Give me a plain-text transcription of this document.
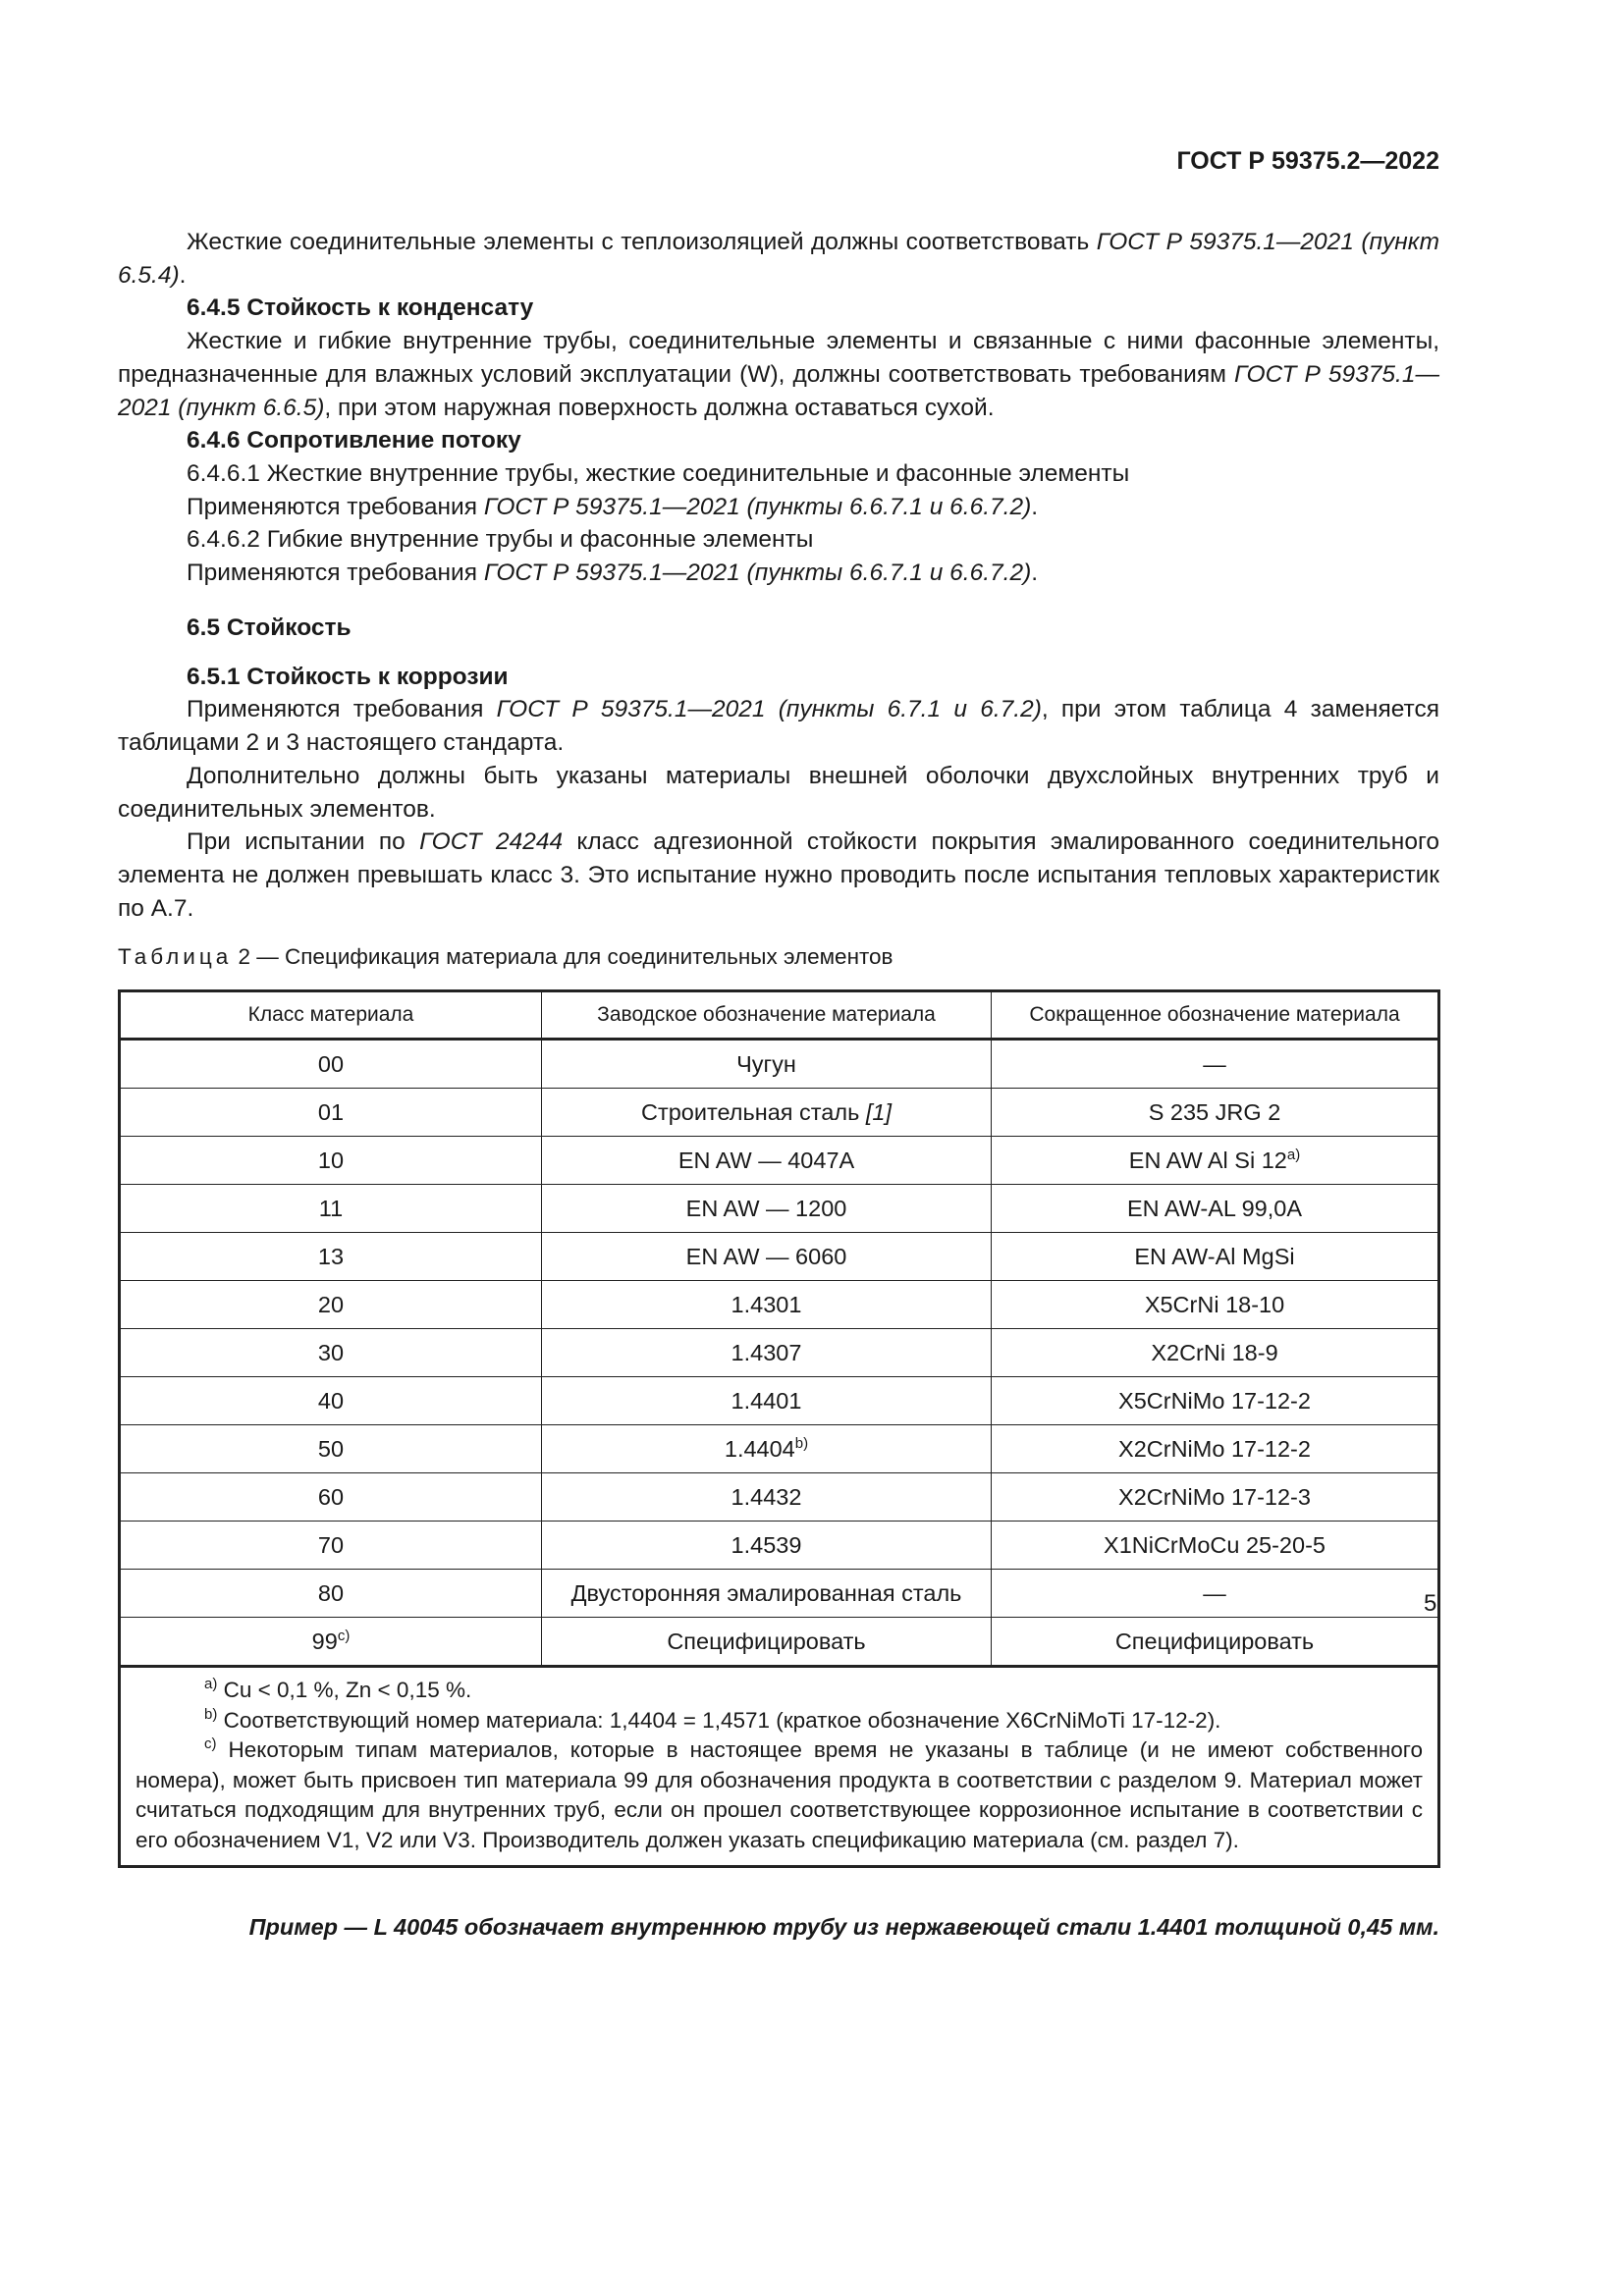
ГОСТ Р 59375.2—2022

Жесткие соединительные элементы с теплоизоляцией должны соответствовать ГОСТ Р 59375.1—2021 (пункт 6.5.4).

6.4.5 Стойкость к конденсату

Жесткие и гибкие внутренние трубы, соединительные элементы и связанные с ними фасонные элементы, предназначенные для влажных условий эксплуатации (W), должны соответствовать требованиям ГОСТ Р 59375.1—2021 (пункт 6.6.5), при этом наружная поверхность должна оставаться сухой.

6.4.6 Сопротивление потоку

6.4.6.1 Жесткие внутренние трубы, жесткие соединительные и фасонные элементы

Применяются требования ГОСТ Р 59375.1—2021 (пункты 6.6.7.1 и 6.6.7.2).

6.4.6.2 Гибкие внутренние трубы и фасонные элементы

Применяются требования ГОСТ Р 59375.1—2021 (пункты 6.6.7.1 и 6.6.7.2).

6.5 Стойкость

6.5.1 Стойкость к коррозии

Применяются требования ГОСТ Р 59375.1—2021 (пункты 6.7.1 и 6.7.2), при этом таблица 4 заменяется таблицами 2 и 3 настоящего стандарта.

Дополнительно должны быть указаны материалы внешней оболочки двухслойных внутренних труб и соединительных элементов.

При испытании по ГОСТ 24244 класс адгезионной стойкости покрытия эмалированного соединительного элемента не должен превышать класс 3. Это испытание нужно проводить после испытания тепловых характеристик по А.7.

Таблица 2 — Спецификация материала для соединительных элементов
Класс материала	Заводское обозначение материала	Сокращенное обозначение материала
00	Чугун	—
01	Строительная сталь [1]	S 235 JRG 2
10	EN AW — 4047A	EN AW Al Si 12$^{a)}$
11	EN AW — 1200	EN AW-AL 99,0A
13	EN AW — 6060	EN AW-Al MgSi
20	1.4301	X5CrNi 18-10
30	1.4307	X2CrNi 18-9
40	1.4401	X5CrNiMo 17-12-2
50	1.4404$^{b)}$	X2CrNiMo 17-12-2
60	1.4432	X2CrNiMo 17-12-3
70	1.4539	X1NiCrMoCu 25-20-5
80	Двусторонняя эмалированная сталь	—
99$^{c)}$	Специфицировать	Специфицировать

$^{a)}$ Cu < 0,1 %, Zn < 0,15 %.

$^{b)}$ Соответствующий номер материала: 1,4404 = 1,4571 (краткое обозначение X6CrNiMoTi 17-12-2).

$^{c)}$ Некоторым типам материалов, которые в настоящее время не указаны в таблице (и не имеют собственного номера), может быть присвоен тип материала 99 для обозначения продукта в соответствии с разделом 9. Материал может считаться подходящим для внутренних труб, если он прошел соответствующее коррозионное испытание в соответствии с его обозначением V1, V2 или V3. Производитель должен указать спецификацию материала (см. раздел 7).		

Пример — L 40045 обозначает внутреннюю трубу из нержавеющей стали 1.4401 толщиной 0,45 мм.
5
